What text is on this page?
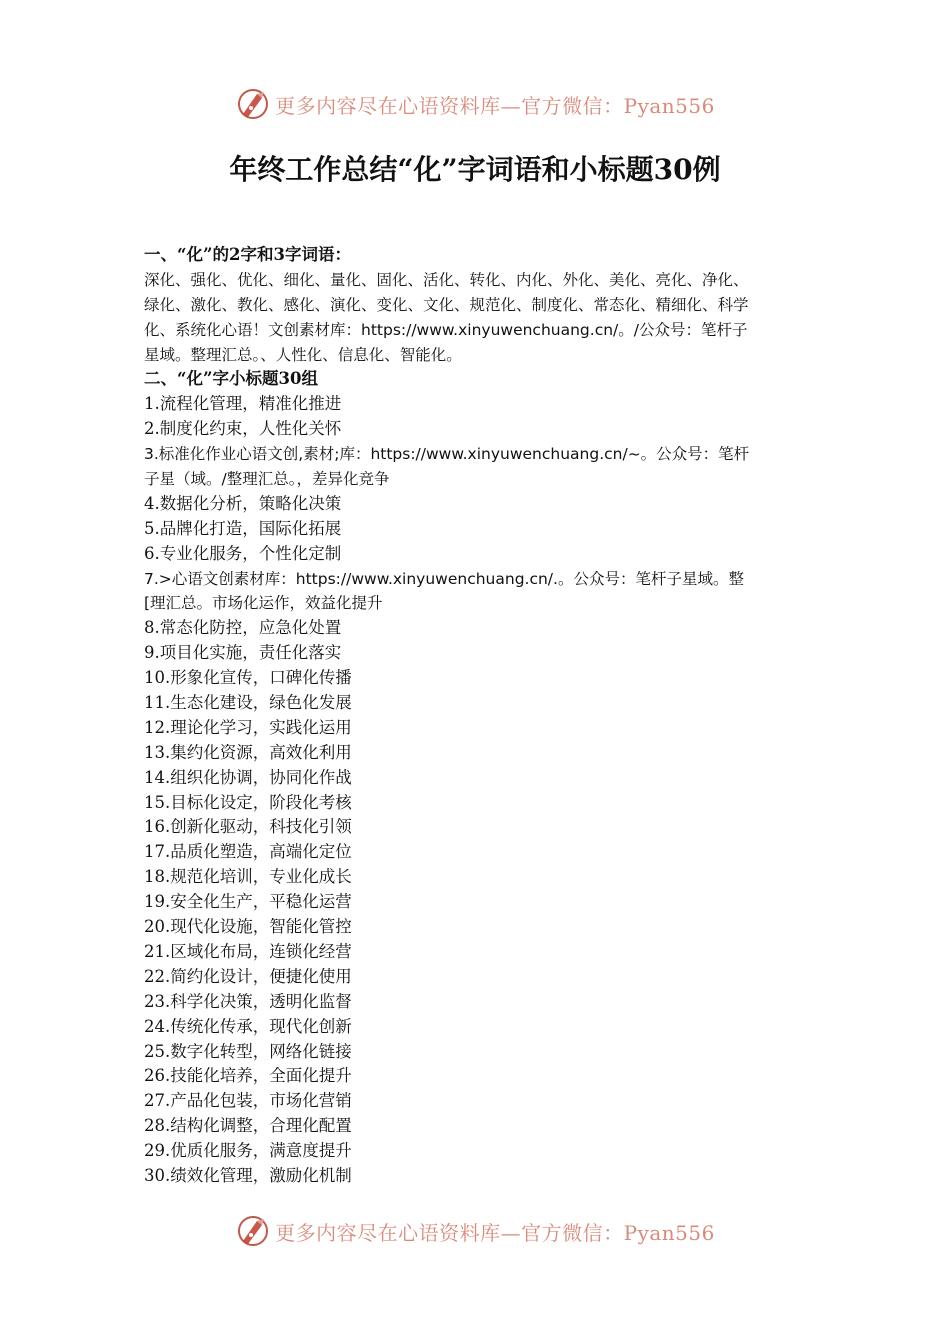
更多内容尽在心语资料库—官方微信：Pyan556
年终工作总结“化”字词语和小标题30例
一、“化”的2字和3字词语：
深化、强化、优化、细化、量化、固化、活化、转化、内化、外化、美化、亮化、净化、
绿化、激化、教化、感化、演化、变化、文化、规范化、制度化、常态化、精细化、科学
化、系统化心语！文创素材库：https://www.xinyuwenchuang.cn/。/公众号：笔杆子
星域。整理汇总。、人性化、信息化、智能化。
二、“化”字小标题30组
1.流程化管理，精准化推进
2.制度化约束，人性化关怀
3.标准化作业心语文创,素材;库：https://www.xinyuwenchuang.cn/~。公众号：笔杆
子星（域。/整理汇总。，差异化竞争
4.数据化分析，策略化决策
5.品牌化打造，国际化拓展
6.专业化服务，个性化定制
7.>心语文创素材库：https://www.xinyuwenchuang.cn/.。公众号：笔杆子星域。整
[理汇总。市场化运作，效益化提升
8.常态化防控，应急化处置
9.项目化实施，责任化落实
10.形象化宣传，口碑化传播
11.生态化建设，绿色化发展
12.理论化学习，实践化运用
13.集约化资源，高效化利用
14.组织化协调，协同化作战
15.目标化设定，阶段化考核
16.创新化驱动，科技化引领
17.品质化塑造，高端化定位
18.规范化培训，专业化成长
19.安全化生产，平稳化运营
20.现代化设施，智能化管控
21.区域化布局，连锁化经营
22.简约化设计，便捷化使用
23.科学化决策，透明化监督
24.传统化传承，现代化创新
25.数字化转型，网络化链接
26.技能化培养，全面化提升
27.产品化包装，市场化营销
28.结构化调整，合理化配置
29.优质化服务，满意度提升
30.绩效化管理，激励化机制
更多内容尽在心语资料库—官方微信：Pyan556
